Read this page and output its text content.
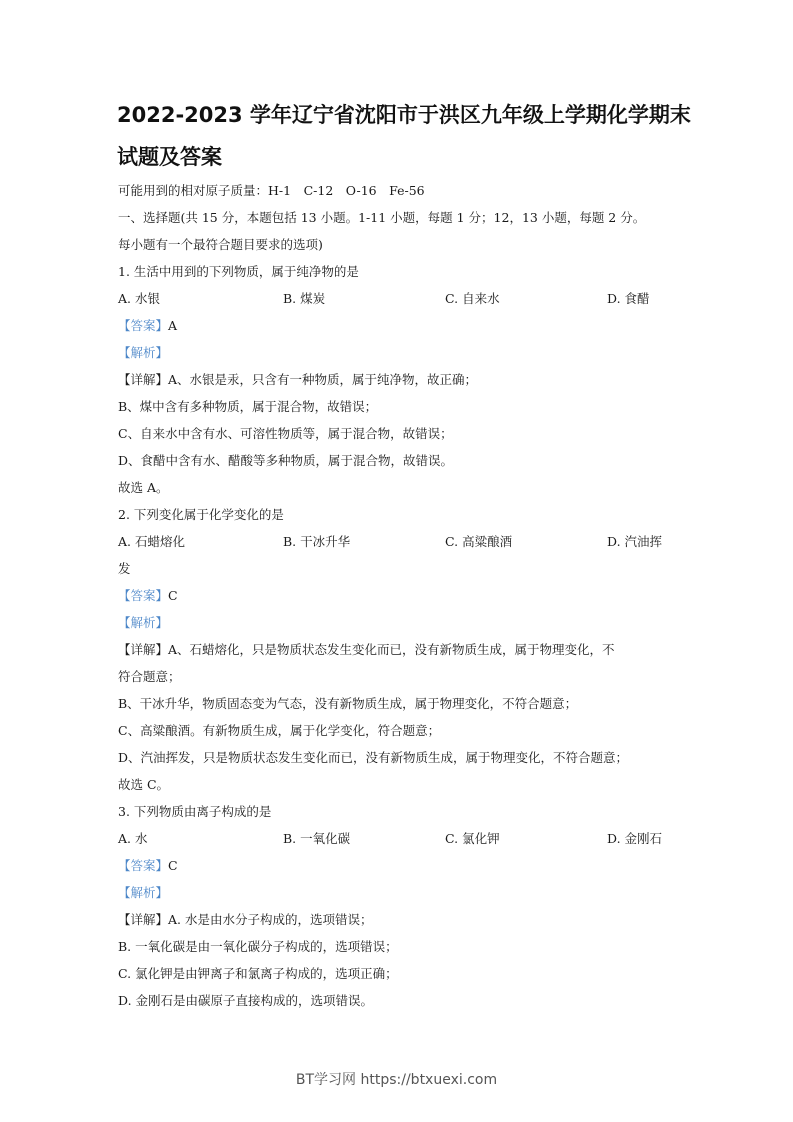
2022-2023 学年辽宁省沈阳市于洪区九年级上学期化学期末
试题及答案
可能用到的相对原子质量：H-1　C-12　O-16　Fe-56
一、选择题(共 15 分，本题包括 13 小题。1-11 小题，每题 1 分；12，13 小题，每题 2 分。
每小题有一个最符合题目要求的选项)
1. 生活中用到的下列物质，属于纯净物的是
A. 水银	B. 煤炭	C. 自来水	D. 食醋
【答案】A
【解析】
【详解】A、水银是汞，只含有一种物质，属于纯净物，故正确；
B、煤中含有多种物质，属于混合物，故错误；
C、自来水中含有水、可溶性物质等，属于混合物，故错误；
D、食醋中含有水、醋酸等多种物质，属于混合物，故错误。
故选 A。
2. 下列变化属于化学变化的是
A. 石蜡熔化	B. 干冰升华	C. 高粱酿酒	D. 汽油挥
发
【答案】C
【解析】
【详解】A、石蜡熔化，只是物质状态发生变化而已，没有新物质生成，属于物理变化，不
符合题意；
B、干冰升华，物质固态变为气态，没有新物质生成，属于物理变化，不符合题意；
C、高粱酿酒。有新物质生成，属于化学变化，符合题意；
D、汽油挥发，只是物质状态发生变化而已，没有新物质生成，属于物理变化，不符合题意；
故选 C。
3. 下列物质由离子构成的是
A. 水	B. 一氧化碳	C. 氯化钾	D. 金刚石
【答案】C
【解析】
【详解】A. 水是由水分子构成的，选项错误；
B. 一氧化碳是由一氧化碳分子构成的，选项错误；
C. 氯化钾是由钾离子和氯离子构成的，选项正确；
D. 金刚石是由碳原子直接构成的，选项错误。
BT学习网 https://btxuexi.com
